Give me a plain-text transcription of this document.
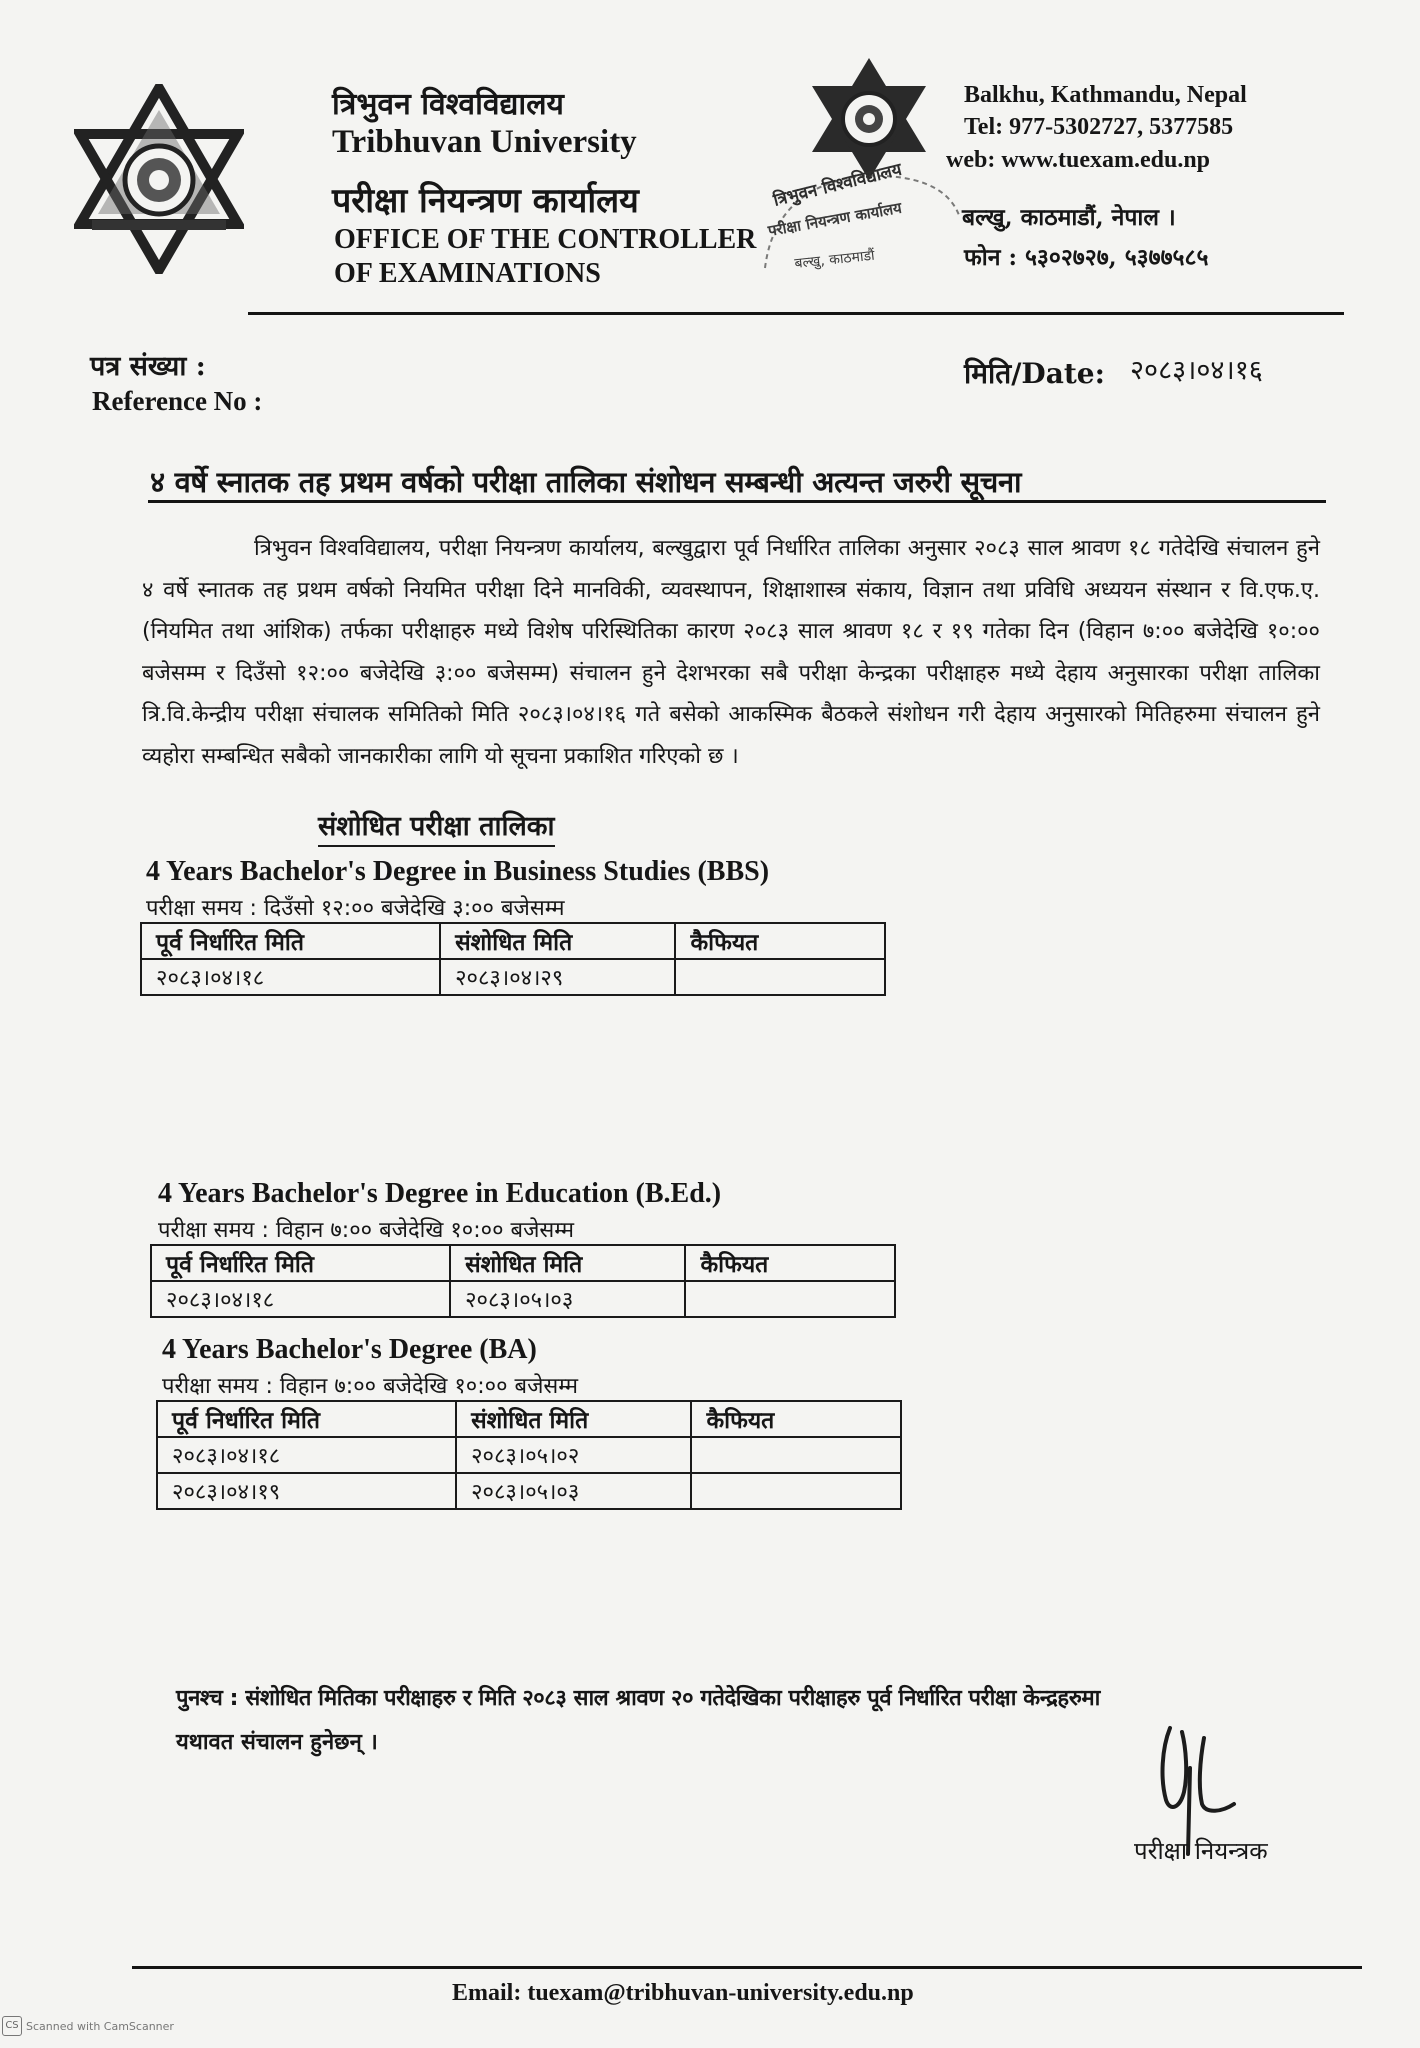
त्रिभुवन विश्वविद्यालय
Tribhuvan University
परीक्षा नियन्त्रण कार्यालय
OFFICE OF THE CONTROLLER
OF EXAMINATIONS
त्रिभुवन विश्वविद्यालय
परीक्षा नियन्त्रण कार्यालय
बल्खु, काठमाडौं
Balkhu, Kathmandu, Nepal
Tel: 977-5302727, 5377585
web: www.tuexam.edu.np
बल्खु, काठमाडौं, नेपाल ।
फोन : ५३०२७२७, ५३७७५८५
पत्र संख्या :
Reference No :
मिति/Date: २०८३।०४।१६
४ वर्षे स्नातक तह प्रथम वर्षको परीक्षा तालिका संशोधन सम्बन्धी अत्यन्त जरुरी सूचना
त्रिभुवन विश्वविद्यालय, परीक्षा नियन्त्रण कार्यालय, बल्खुद्वारा पूर्व निर्धारित तालिका अनुसार २०८३ साल श्रावण १८ गतेदेखि संचालन हुने ४ वर्षे स्नातक तह प्रथम वर्षको नियमित परीक्षा दिने मानविकी, व्यवस्थापन, शिक्षाशास्त्र संकाय, विज्ञान तथा प्रविधि अध्ययन संस्थान र वि.एफ.ए. (नियमित तथा आंशिक) तर्फका परीक्षाहरु मध्ये विशेष परिस्थितिका कारण २०८३ साल श्रावण १८ र १९ गतेका दिन (विहान ७:०० बजेदेखि १०:०० बजेसम्म र दिउँसो १२:०० बजेदेखि ३:०० बजेसम्म) संचालन हुने देशभरका सबै परीक्षा केन्द्रका परीक्षाहरु मध्ये देहाय अनुसारका परीक्षा तालिका त्रि.वि.केन्द्रीय परीक्षा संचालक समितिको मिति २०८३।०४।१६ गते बसेको आकस्मिक बैठकले संशोधन गरी देहाय अनुसारको मितिहरुमा संचालन हुने व्यहोरा सम्बन्धित सबैको जानकारीका लागि यो सूचना प्रकाशित गरिएको छ ।
संशोधित परीक्षा तालिका
4 Years Bachelor's Degree in Business Studies (BBS)
परीक्षा समय : दिउँसो १२:०० बजेदेखि ३:०० बजेसम्म
पूर्व निर्धारित मिति	संशोधित मिति	कैफियत
२०८३।०४।१८	२०८३।०४।२९	
4 Years Bachelor's Degree in Education (B.Ed.)
परीक्षा समय : विहान ७:०० बजेदेखि १०:०० बजेसम्म
पूर्व निर्धारित मिति	संशोधित मिति	कैफियत
२०८३।०४।१८	२०८३।०५।०३	
4 Years Bachelor's Degree (BA)
परीक्षा समय : विहान ७:०० बजेदेखि १०:०० बजेसम्म
पूर्व निर्धारित मिति	संशोधित मिति	कैफियत
२०८३।०४।१८	२०८३।०५।०२	
२०८३।०४।१९	२०८३।०५।०३	
पुनश्च : संशोधित मितिका परीक्षाहरु र मिति २०८३ साल श्रावण २० गतेदेखिका परीक्षाहरु पूर्व निर्धारित परीक्षा केन्द्रहरुमा
यथावत संचालन हुनेछन् ।
परीक्षा नियन्त्रक
Email: tuexam@tribhuvan-university.edu.np
CS Scanned with CamScanner
